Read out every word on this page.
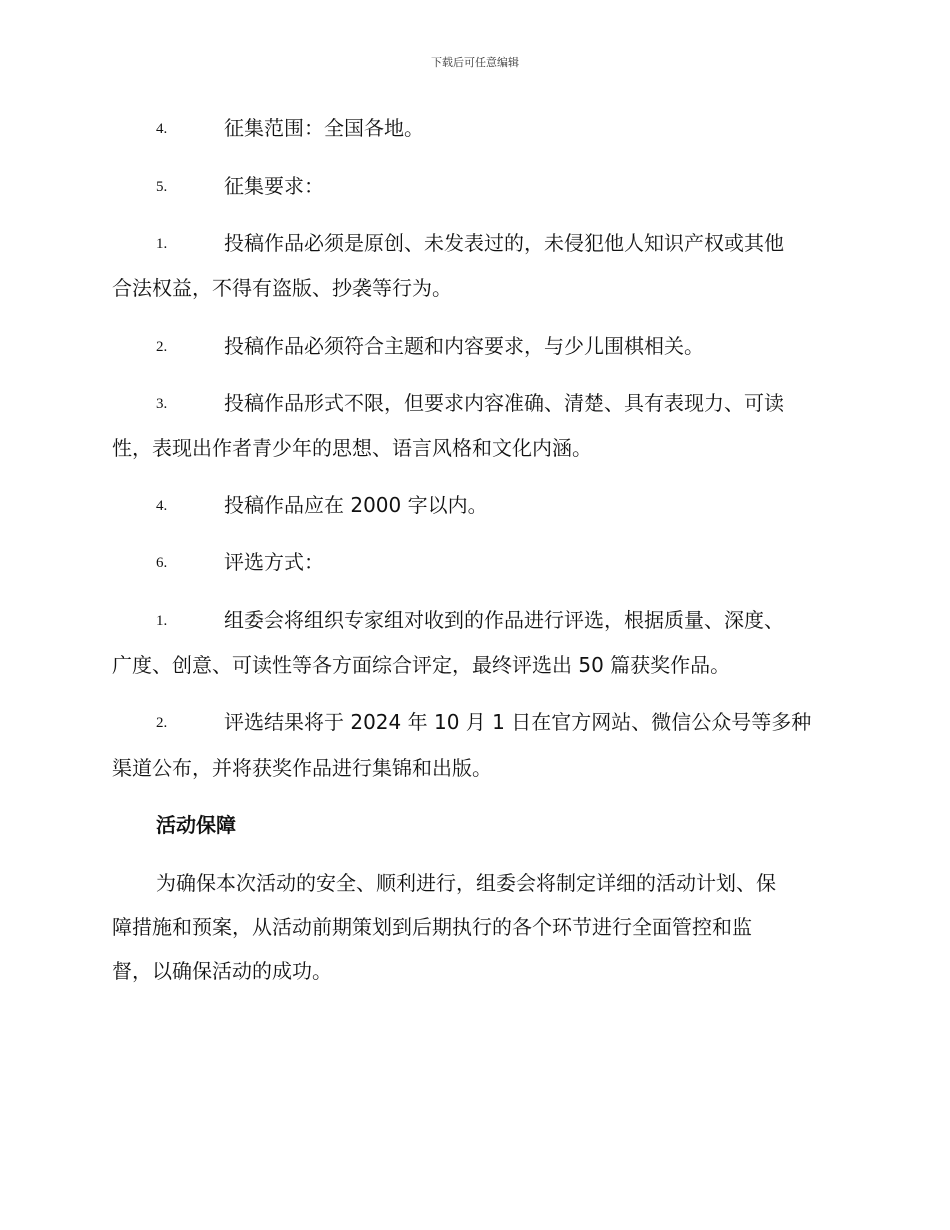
下载后可任意编辑
4.	征集范围：全国各地。
5.	征集要求：
1.	投稿作品必须是原创、未发表过的，未侵犯他人知识产权或其他
合法权益，不得有盗版、抄袭等行为。
2.	投稿作品必须符合主题和内容要求，与少儿围棋相关。
3.	投稿作品形式不限，但要求内容准确、清楚、具有表现力、可读
性，表现出作者青少年的思想、语言风格和文化内涵。
4.	投稿作品应在 2000 字以内。
6.	评选方式：
1.	组委会将组织专家组对收到的作品进行评选，根据质量、深度、
广度、创意、可读性等各方面综合评定，最终评选出 50 篇获奖作品。
2.	评选结果将于 2024 年 10 月 1 日在官方网站、微信公众号等多种
渠道公布，并将获奖作品进行集锦和出版。
活动保障
为确保本次活动的安全、顺利进行，组委会将制定详细的活动计划、保
障措施和预案，从活动前期策划到后期执行的各个环节进行全面管控和监
督，以确保活动的成功。
